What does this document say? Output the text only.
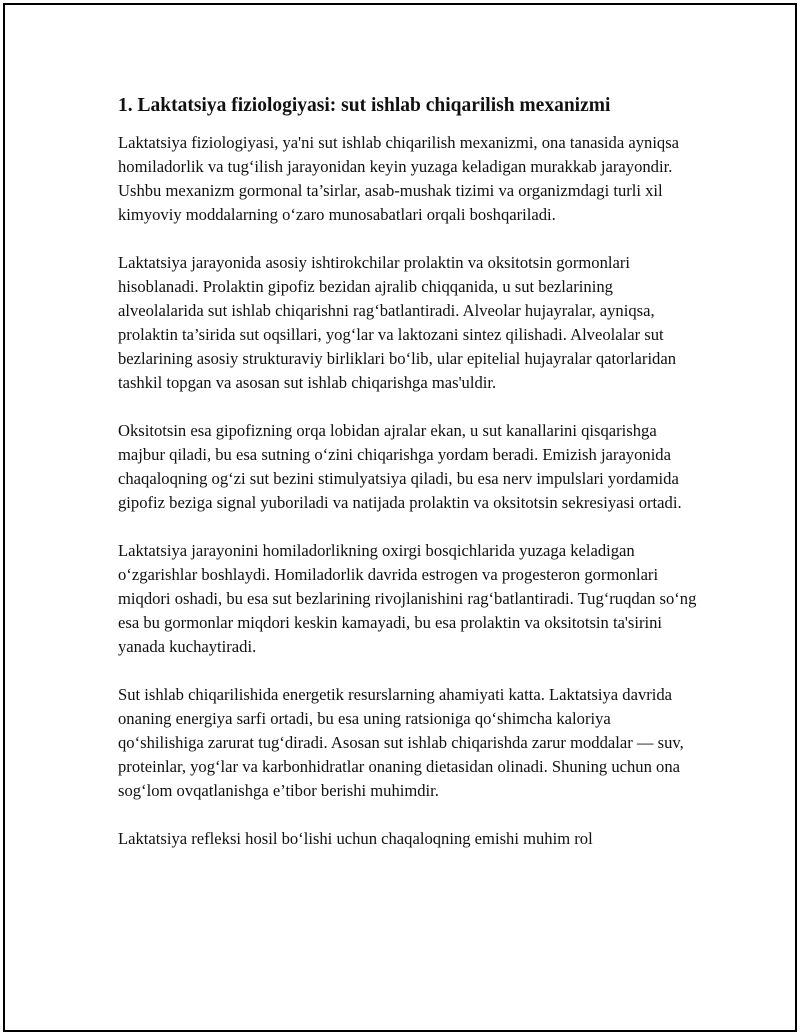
1. Laktatsiya fiziologiyasi: sut ishlab chiqarilish mexanizmi

Laktatsiya fiziologiyasi, ya'ni sut ishlab chiqarilish mexanizmi, ona tanasida ayniqsa homiladorlik va tug‘ilish jarayonidan keyin yuzaga keladigan murakkab jarayondir. Ushbu mexanizm gormonal ta’sirlar, asab-mushak tizimi va organizmdagi turli xil kimyoviy moddalarning o‘zaro munosabatlari orqali boshqariladi.

Laktatsiya jarayonida asosiy ishtirokchilar prolaktin va oksitotsin gormonlari hisoblanadi. Prolaktin gipofiz bezidan ajralib chiqqanida, u sut bezlarining alveolalarida sut ishlab chiqarishni rag‘batlantiradi. Alveolar hujayralar, ayniqsa, prolaktin ta’sirida sut oqsillari, yog‘lar va laktozani sintez qilishadi. Alveolalar sut bezlarining asosiy strukturaviy birliklari bo‘lib, ular epitelial hujayralar qatorlaridan tashkil topgan va asosan sut ishlab chiqarishga mas'uldir.

Oksitotsin esa gipofizning orqa lobidan ajralar ekan, u sut kanallarini qisqarishga majbur qiladi, bu esa sutning o‘zini chiqarishga yordam beradi. Emizish jarayonida chaqaloqning og‘zi sut bezini stimulyatsiya qiladi, bu esa nerv impulslari yordamida gipofiz beziga signal yuboriladi va natijada prolaktin va oksitotsin sekresiyasi ortadi.

Laktatsiya jarayonini homiladorlikning oxirgi bosqichlarida yuzaga keladigan o‘zgarishlar boshlaydi. Homiladorlik davrida estrogen va progesteron gormonlari miqdori oshadi, bu esa sut bezlarining rivojlanishini rag‘batlantiradi. Tug‘ruqdan so‘ng esa bu gormonlar miqdori keskin kamayadi, bu esa prolaktin va oksitotsin ta'sirini yanada kuchaytiradi.

Sut ishlab chiqarilishida energetik resurslarning ahamiyati katta. Laktatsiya davrida onaning energiya sarfi ortadi, bu esa uning ratsioniga qo‘shimcha kaloriya qo‘shilishiga zarurat tug‘diradi. Asosan sut ishlab chiqarishda zarur moddalar — suv, proteinlar, yog‘lar va karbonhidratlar onaning dietasidan olinadi. Shuning uchun ona sog‘lom ovqatlanishga e’tibor berishi muhimdir.

Laktatsiya refleksi hosil bo‘lishi uchun chaqaloqning emishi muhim rol
